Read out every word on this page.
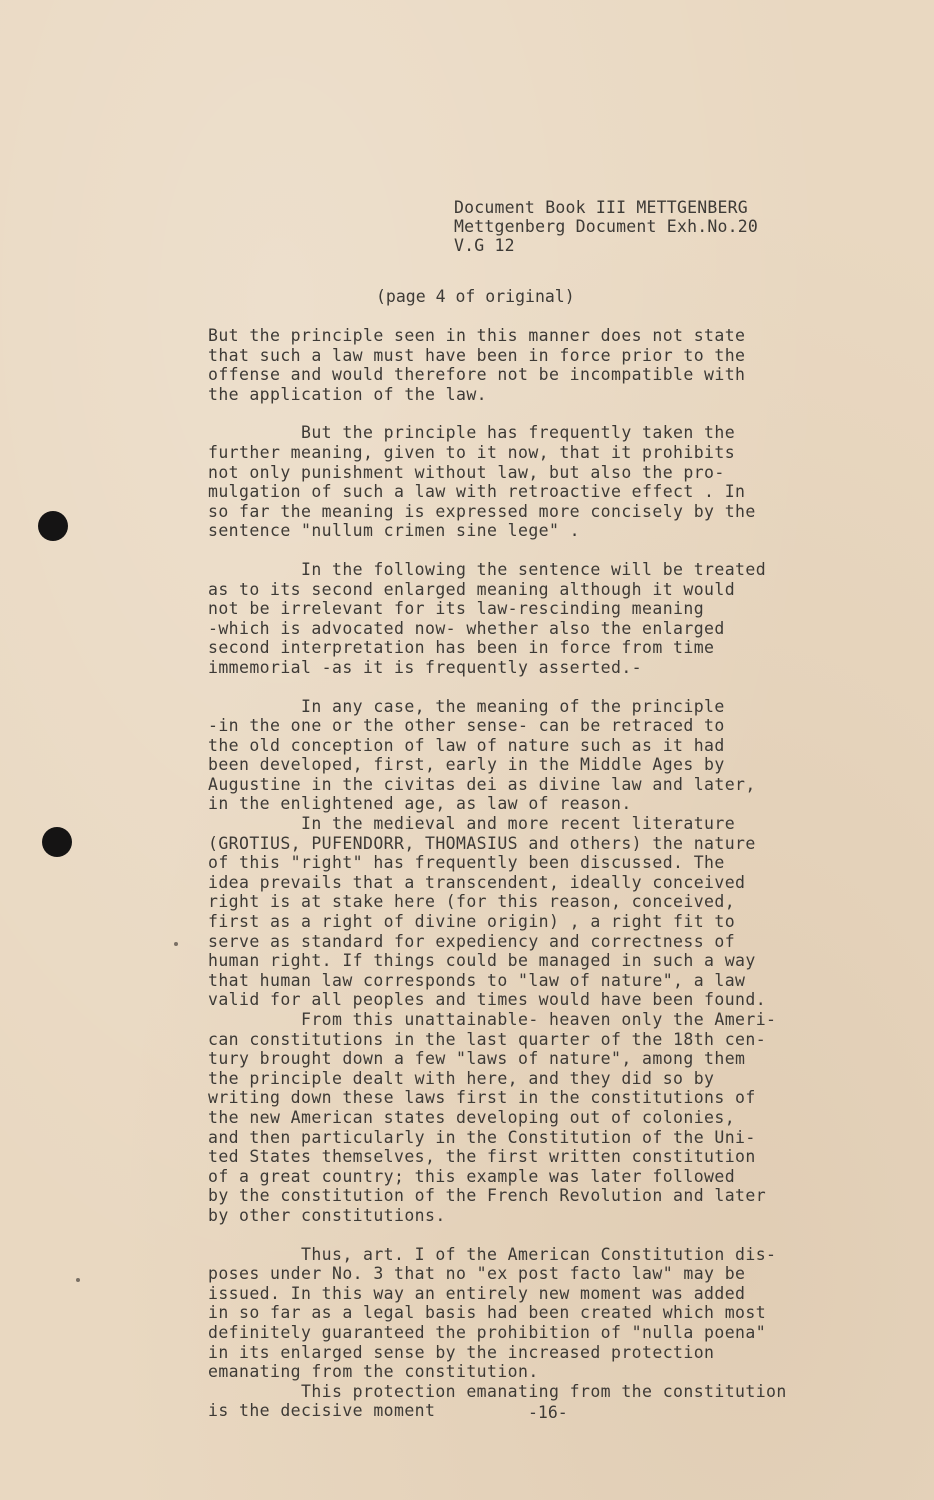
Document Book III METTGENBERG
Mettgenberg Document Exh.No.20
V.G 12
(page 4 of original)
But the principle seen in this manner does not state
that such a law must have been in force prior to the
offense and would therefore not be incompatible with
the application of the law.
But the principle has frequently taken the
further meaning, given to it now, that it prohibits
not only punishment without law, but also the pro-
mulgation of such a law with retroactive effect . In
so far the meaning is expressed more concisely by the
sentence "nullum crimen sine lege" .
In the following the sentence will be treated
as to its second enlarged meaning although it would
not be irrelevant for its law-rescinding meaning
-which is advocated now- whether also the enlarged
second interpretation has been in force from time
immemorial -as it is frequently asserted.-
In any case, the meaning of the principle
-in the one or the other sense- can be retraced to
the old conception of law of nature such as it had
been developed, first, early in the Middle Ages by
Augustine in the civitas dei as divine law and later,
in the enlightened age, as law of reason.
In the medieval and more recent literature
(GROTIUS, PUFENDORR, THOMASIUS and others) the nature
of this "right" has frequently been discussed. The
idea prevails that a transcendent, ideally conceived
right is at stake here (for this reason, conceived,
first as a right of divine origin) , a right fit to
serve as standard for expediency and correctness of
human right. If things could be managed in such a way
that human law corresponds to "law of nature", a law
valid for all peoples and times would have been found.
From this unattainable- heaven only the Ameri-
can constitutions in the last quarter of the 18th cen-
tury brought down a few "laws of nature", among them
the principle dealt with here, and they did so by
writing down these laws first in the constitutions of
the new American states developing out of colonies,
and then particularly in the Constitution of the Uni-
ted States themselves, the first written constitution
of a great country; this example was later followed
by the constitution of the French Revolution and later
by other constitutions.
Thus, art. I of the American Constitution dis-
poses under No. 3 that no "ex post facto law" may be
issued. In this way an entirely new moment was added
in so far as a legal basis had been created which most
definitely guaranteed the prohibition of "nulla poena"
in its enlarged sense by the increased protection
emanating from the constitution.
This protection emanating from the constitution
is the decisive moment	-16-
